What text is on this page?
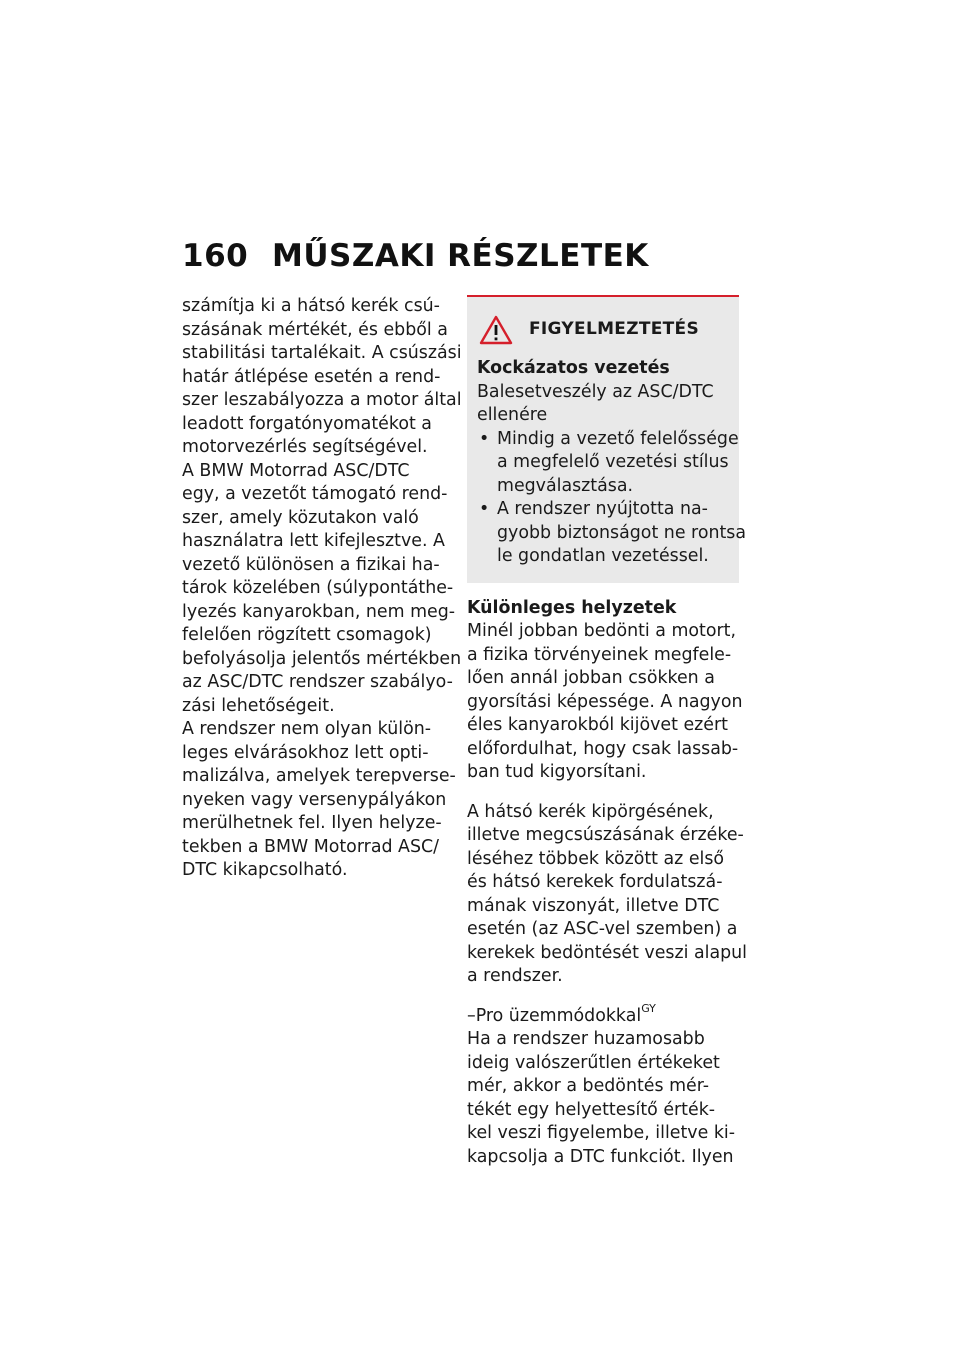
160 MŰSZAKI RÉSZLETEK

számítja ki a hátsó kerék csú-
szásának mértékét, és ebből a
stabilitási tartalékait. A csúszási
határ átlépése esetén a rend-
szer leszabályozza a motor által
leadott forgatónyomatékot a
motorvezérlés segítségével.

A BMW Motorrad ASC/DTC
egy, a vezetőt támogató rend-
szer, amely közutakon való
használatra lett kifejlesztve. A
vezető különösen a fizikai ha-
tárok közelében (súlypontáthe-
lyezés kanyarokban, nem meg-
felelően rögzített csomagok)
befolyásolja jelentős mértékben
az ASC/DTC rendszer szabályo-
zási lehetőségeit.

A rendszer nem olyan külön-
leges elvárásokhoz lett opti-
malizálva, amelyek terepverse-
nyeken vagy versenypályákon
merülhetnek fel. Ilyen helyze-
tekben a BMW Motorrad ASC/
DTC kikapcsolható.

FIGYELMEZTETÉS
Kockázatos vezetés
Balesetveszély az ASC/DTC
ellenére
• Mindig a vezető felelőssége
a megfelelő vezetési stílus
megválasztása.
• A rendszer nyújtotta na-
gyobb biztonságot ne rontsa
le gondatlan vezetéssel.
Különleges helyzetek

Minél jobban bedönti a motort,
a fizika törvényeinek megfele-
lően annál jobban csökken a
gyorsítási képessége. A nagyon
éles kanyarokból kijövet ezért
előfordulhat, hogy csak lassab-
ban tud kigyorsítani.

A hátsó kerék kipörgésének,
illetve megcsúszásának érzéke-
léséhez többek között az első
és hátsó kerekek fordulatszá-
mának viszonyát, illetve DTC
esetén (az ASC-vel szemben) a
kerekek bedöntését veszi alapul
a rendszer.

–Pro üzemmódokkal$^{GY}$

Ha a rendszer huzamosabb
ideig valószerűtlen értékeket
mér, akkor a bedöntés mér-
tékét egy helyettesítő érték-
kel veszi figyelembe, illetve ki-
kapcsolja a DTC funkciót. Ilyen
